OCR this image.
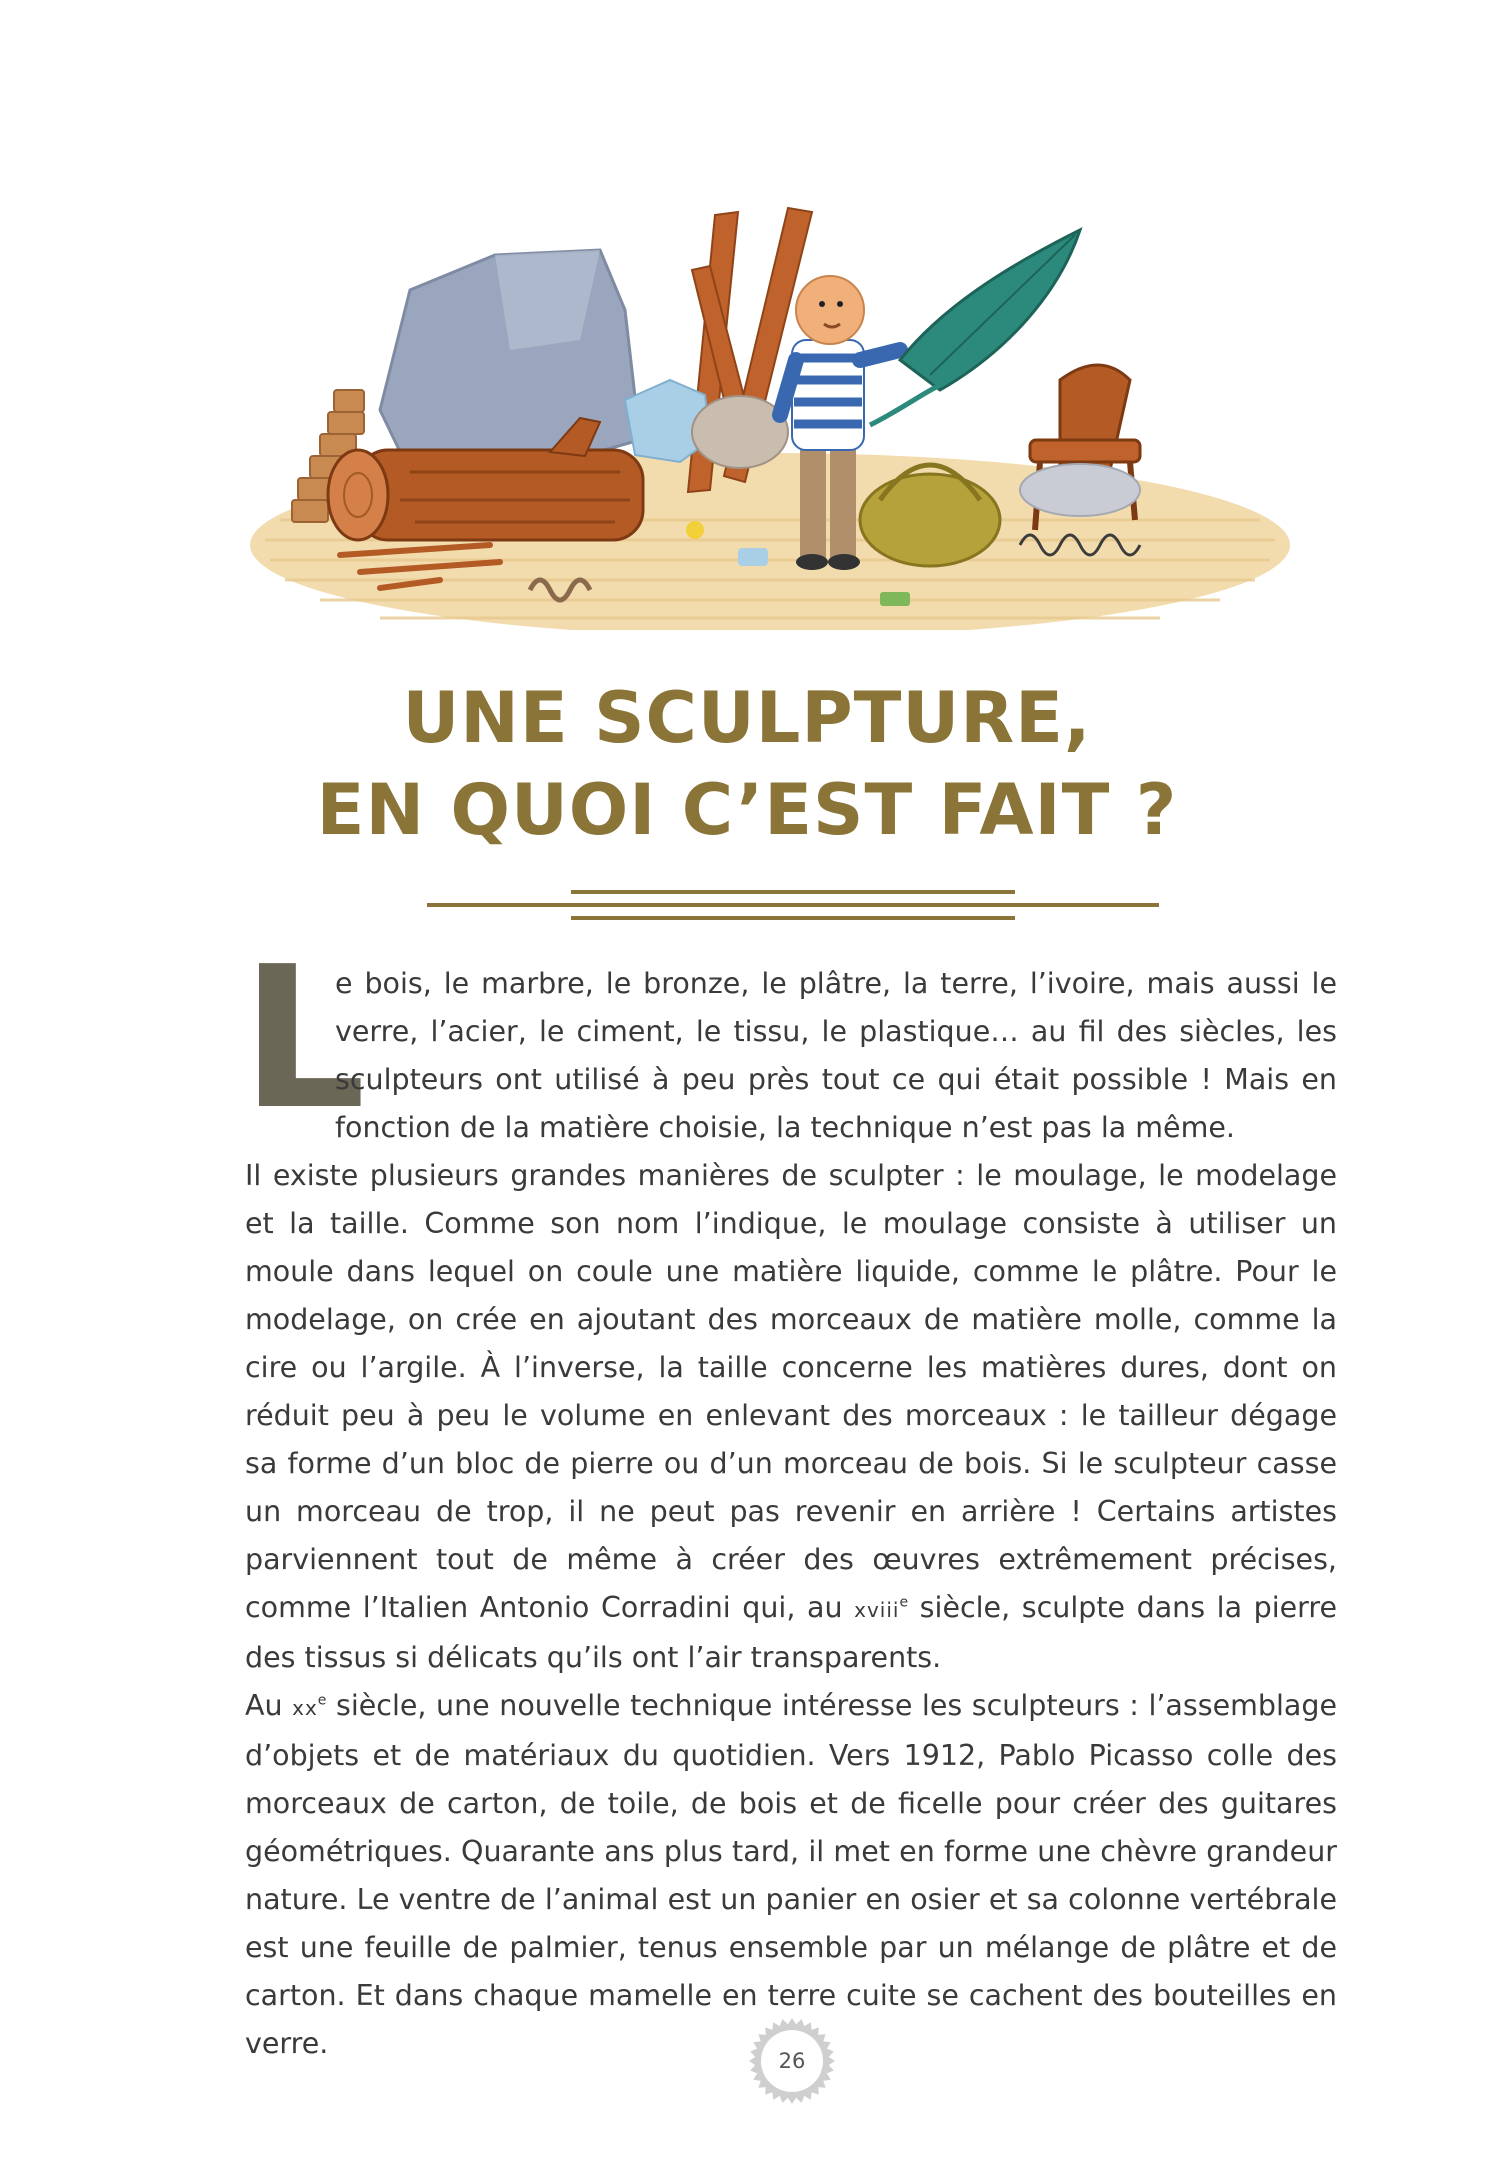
UNE SCULPTURE,
EN QUOI C’EST FAIT ?

L
e bois, le marbre, le bronze, le plâtre, la terre, l’ivoire, mais aussi le verre, l’acier, le ciment, le tissu, le plastique… au fil des siècles, les sculpteurs ont utilisé à peu près tout ce qui était possible ! Mais en fonction de la matière choisie, la technique n’est pas la même.

Il existe plusieurs grandes manières de sculpter : le moulage, le modelage et la taille. Comme son nom l’indique, le moulage consiste à utiliser un moule dans lequel on coule une matière liquide, comme le plâtre. Pour le modelage, on crée en ajoutant des morceaux de matière molle, comme la cire ou l’argile. À l’inverse, la taille concerne les matières dures, dont on réduit peu à peu le volume en enlevant des morceaux : le tailleur dégage sa forme d’un bloc de pierre ou d’un morceau de bois. Si le sculpteur casse un morceau de trop, il ne peut pas revenir en arrière ! Certains artistes parviennent tout de même à créer des œuvres extrêmement précises, comme l’Italien Antonio Corradini qui, au xviii$^e$ siècle, sculpte dans la pierre des tissus si délicats qu’ils ont l’air transparents.

Au $xx^e$ siècle, une nouvelle technique intéresse les sculpteurs : l’assemblage d’objets et de matériaux du quotidien. Vers 1912, Pablo Picasso colle des morceaux de carton, de toile, de bois et de ficelle pour créer des guitares géométriques. Quarante ans plus tard, il met en forme une chèvre grandeur nature. Le ventre de l’animal est un panier en osier et sa colonne vertébrale est une feuille de palmier, tenus ensemble par un mélange de plâtre et de carton. Et dans chaque mamelle en terre cuite se cachent des bouteilles en verre.

26
